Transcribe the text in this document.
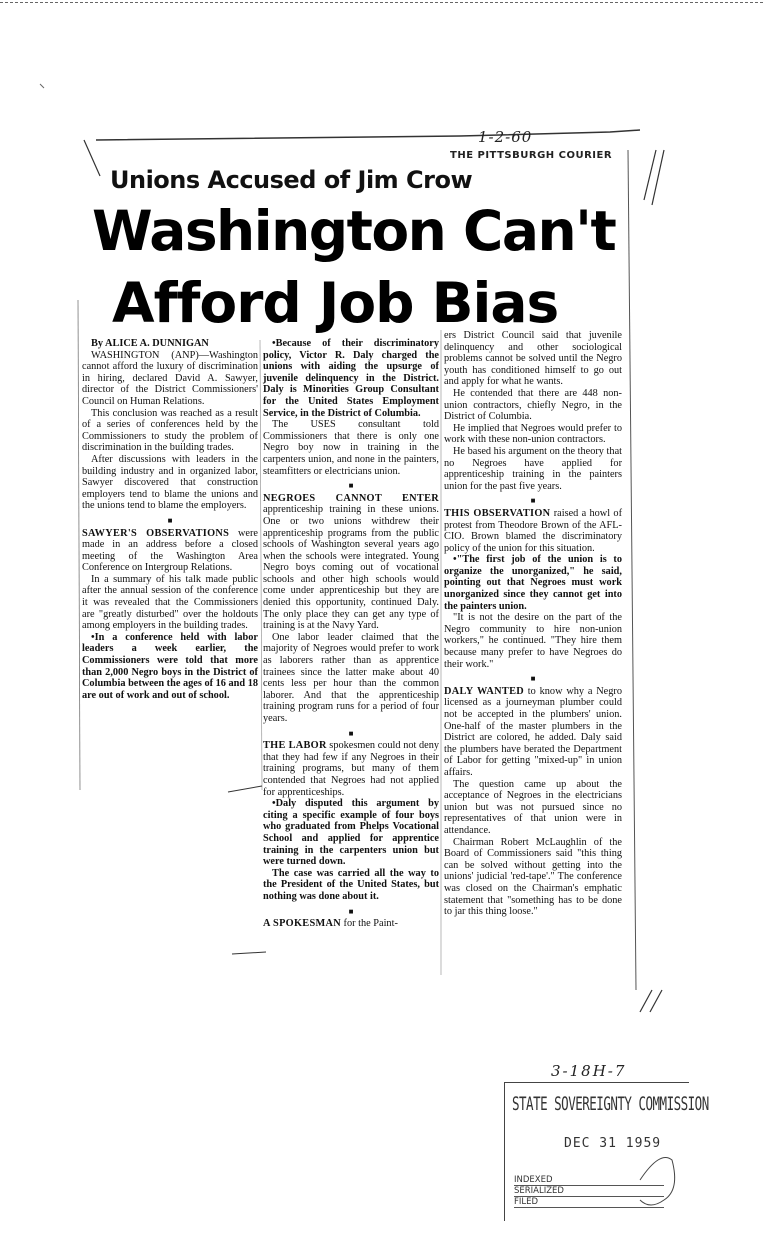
1-2-60
THE PITTSBURGH COURIER
Unions Accused of Jim Crow
Washington Can't
Afford Job Bias

By ALICE A. DUNNIGAN

WASHINGTON (ANP)—Washington cannot afford the luxury of discrimination in hiring, declared David A. Sawyer, director of the District Commissioners' Council on Human Relations.

This conclusion was reached as a result of a series of conferences held by the Commissioners to study the problem of discrimination in the building trades.

After discussions with leaders in the building industry and in organized labor, Sawyer discovered that construction employers tend to blame the unions and the unions tend to blame the employers.

■

SAWYER'S OBSERVATIONS were made in an address before a closed meeting of the Washington Area Conference on Intergroup Relations.

In a summary of his talk made public after the annual session of the conference it was revealed that the Commissioners are "greatly disturbed" over the holdouts among employers in the building trades.

•In a conference held with labor leaders a week earlier, the Commissioners were told that more than 2,000 Negro boys in the District of Columbia between the ages of 16 and 18 are out of work and out of school.

•Because of their discriminatory policy, Victor R. Daly charged the unions with aiding the upsurge of juvenile delinquency in the District. Daly is Minorities Group Consultant for the United States Employment Service, in the District of Columbia.

The USES consultant told Commissioners that there is only one Negro boy now in training in the carpenters union, and none in the painters, steamfitters or electricians union.

■

NEGROES CANNOT ENTER apprenticeship training in these unions. One or two unions withdrew their apprenticeship programs from the public schools of Washington several years ago when the schools were integrated. Young Negro boys coming out of vocational schools and other high schools would come under apprenticeship but they are denied this opportunity, continued Daly. The only place they can get any type of training is at the Navy Yard.

One labor leader claimed that the majority of Negroes would prefer to work as laborers rather than as apprentice trainees since the latter make about 40 cents less per hour than the common laborer. And that the apprenticeship training program runs for a period of four years.

■

THE LABOR spokesmen could not deny that they had few if any Negroes in their training programs, but many of them contended that Negroes had not applied for apprenticeships.

•Daly disputed this argument by citing a specific example of four boys who graduated from Phelps Vocational School and applied for apprentice training in the carpenters union but were turned down.

The case was carried all the way to the President of the United States, but nothing was done about it.

■

A SPOKESMAN for the Paint-

ers District Council said that juvenile delinquency and other sociological problems cannot be solved until the Negro youth has conditioned himself to go out and apply for what he wants.

He contended that there are 448 non-union contractors, chiefly Negro, in the District of Columbia.

He implied that Negroes would prefer to work with these non-union contractors.

He based his argument on the theory that no Negroes have applied for apprenticeship training in the painters union for the past five years.

■

THIS OBSERVATION raised a howl of protest from Theodore Brown of the AFL-CIO. Brown blamed the discriminatory policy of the union for this situation.

•"The first job of the union is to organize the unorganized," he said, pointing out that Negroes must work unorganized since they cannot get into the painters union.

"It is not the desire on the part of the Negro community to hire non-union workers," he continued. "They hire them because many prefer to have Negroes do their work."

■

DALY WANTED to know why a Negro licensed as a journeyman plumber could not be accepted in the plumbers' union. One-half of the master plumbers in the District are colored, he added. Daly said the plumbers have berated the Department of Labor for getting "mixed-up" in union affairs.

The question came up about the acceptance of Negroes in the electricians union but was not pursued since no representatives of that union were in attendance.

Chairman Robert McLaughlin of the Board of Commissioners said "this thing can be solved without getting into the unions' judicial 'red-tape'." The conference was closed on the Chairman's emphatic statement that "something has to be done to jar this thing loose."

3-18H-7
STATE SOVEREIGNTY COMMISSION
DEC 31 1959
INDEXED
SERIALIZED
FILED
